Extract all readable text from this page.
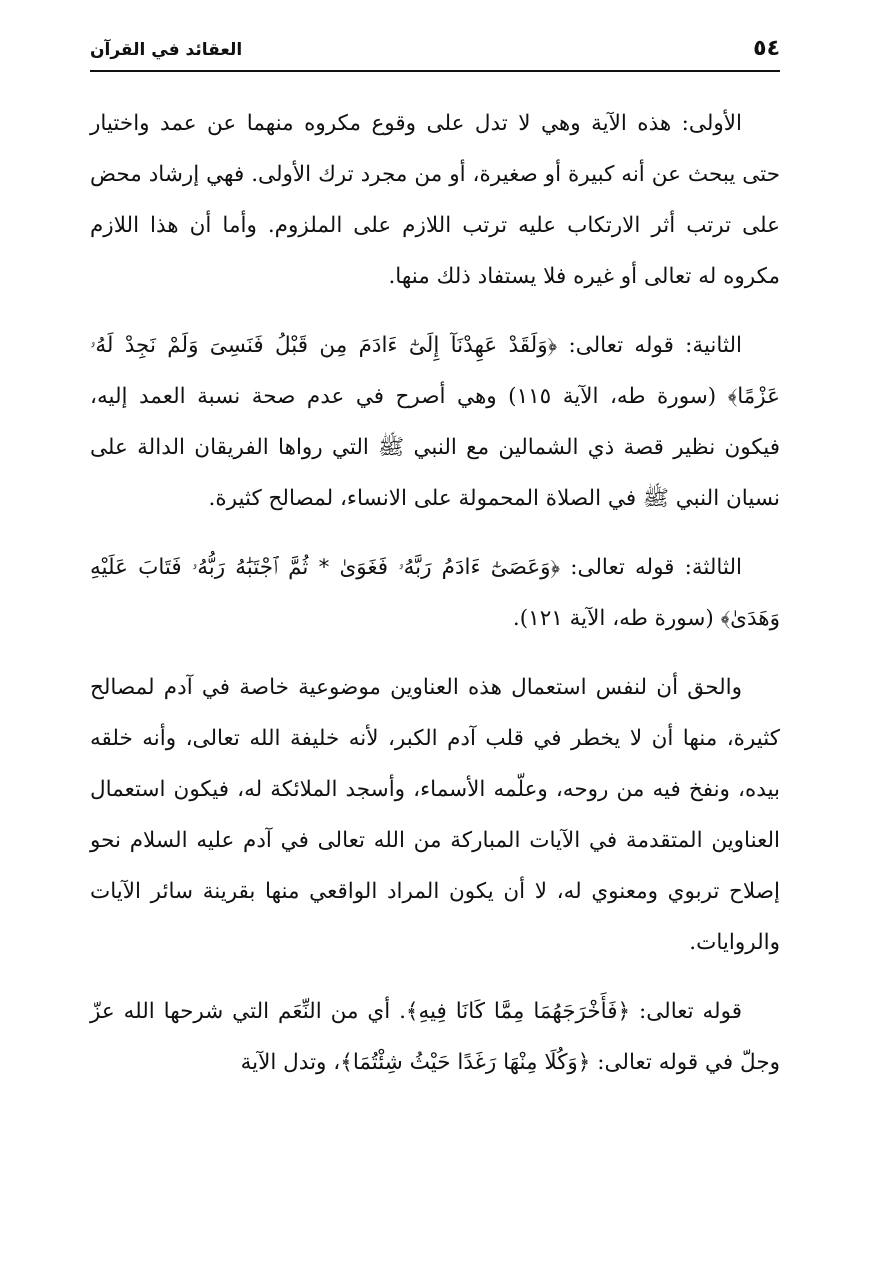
٥٤
العقائد في القرآن

الأولى: هذه الآية وهي لا تدل على وقوع مكروه منهما عن عمد واختيار حتى يبحث عن أنه كبيرة أو صغيرة، أو من مجرد ترك الأولى. فهي إرشاد محض على ترتب أثر الارتكاب عليه ترتب اللازم على الملزوم. وأما أن هذا اللازم مكروه له تعالى أو غيره فلا يستفاد ذلك منها.

الثانية: قوله تعالى: ﴿وَلَقَدْ عَهِدْنَآ إِلَىٰٓ ءَادَمَ مِن قَبْلُ فَنَسِىَ وَلَمْ نَجِدْ لَهُۥ عَزْمًا﴾ (سورة طه، الآية ١١٥) وهي أصرح في عدم صحة نسبة العمد إليه، فيكون نظير قصة ذي الشمالين مع النبي ﷺ التي رواها الفريقان الدالة على نسيان النبي ﷺ في الصلاة المحمولة على الانساء، لمصالح كثيرة.

الثالثة: قوله تعالى: ﴿وَعَصَىٰٓ ءَادَمُ رَبَّهُۥ فَغَوَىٰ * ثُمَّ ٱجْتَبَٰهُ رَبُّهُۥ فَتَابَ عَلَيْهِ وَهَدَىٰ﴾ (سورة طه، الآية ١٢١).

والحق أن لنفس استعمال هذه العناوين موضوعية خاصة في آدم لمصالح كثيرة، منها أن لا يخطر في قلب آدم الكبر، لأنه خليفة الله تعالى، وأنه خلقه بيده، ونفخ فيه من روحه، وعلّمه الأسماء، وأسجد الملائكة له، فيكون استعمال العناوين المتقدمة في الآيات المباركة من الله تعالى في آدم عليه السلام نحو إصلاح تربوي ومعنوي له، لا أن يكون المراد الواقعي منها بقرينة سائر الآيات والروايات.

قوله تعالى: ﴿فَأَخْرَجَهُمَا مِمَّا كَانَا فِيهِ﴾. أي من النِّعَم التي شرحها الله عزّ وجلّ في قوله تعالى: ﴿وَكُلَا مِنْهَا رَغَدًا حَيْثُ شِئْتُمَا﴾، وتدل الآية
